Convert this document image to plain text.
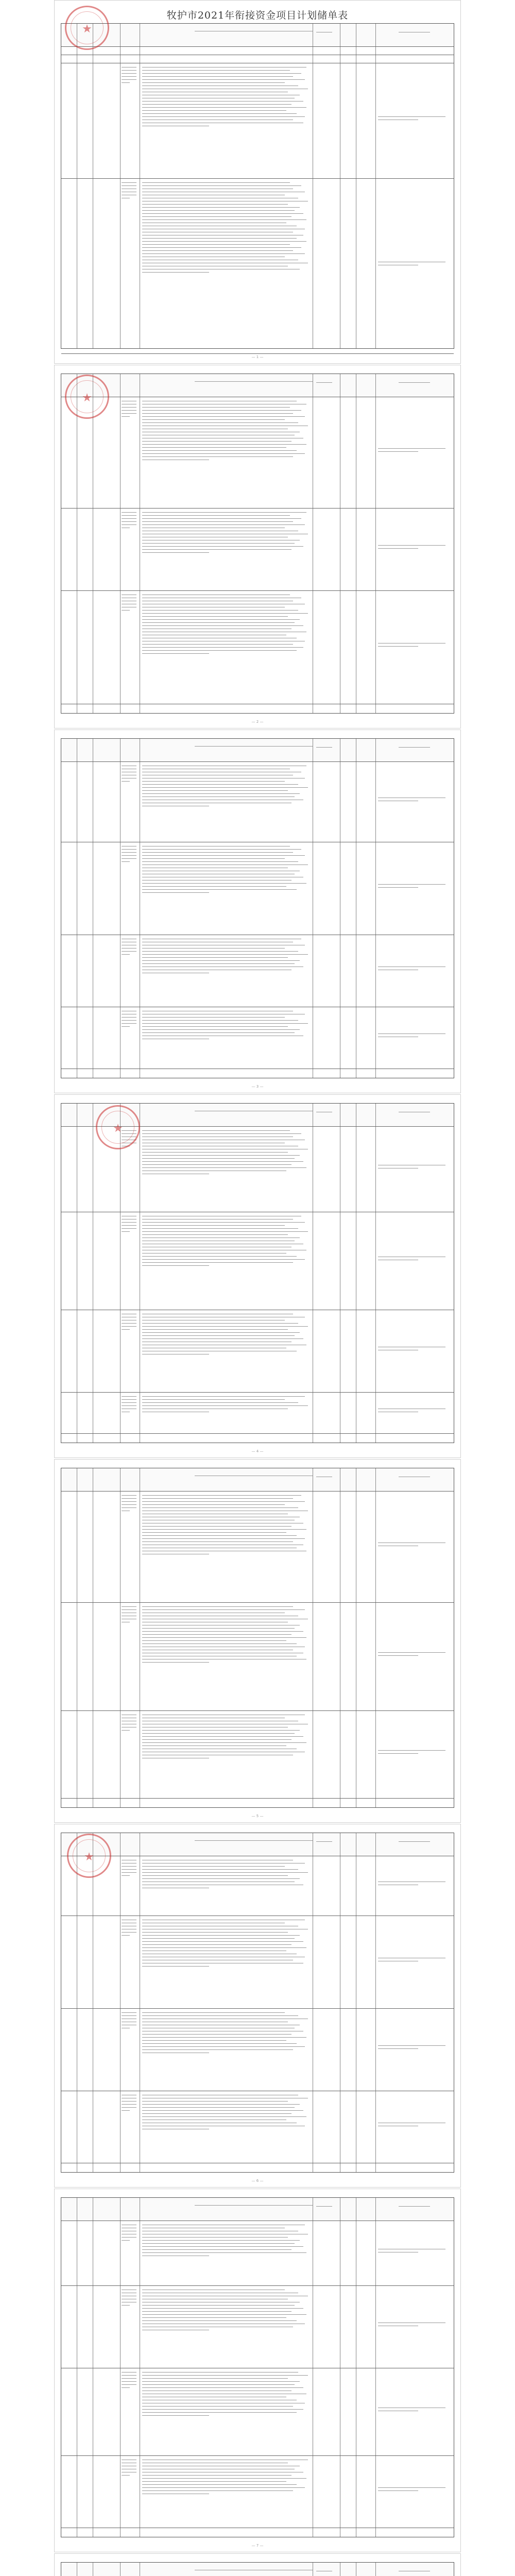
牧护市2021年衔接资金项目计划储单表
★
— 1 —
★
— 2 —
— 3 —
★
— 4 —
— 5 —
★
— 6 —
— 7 —
